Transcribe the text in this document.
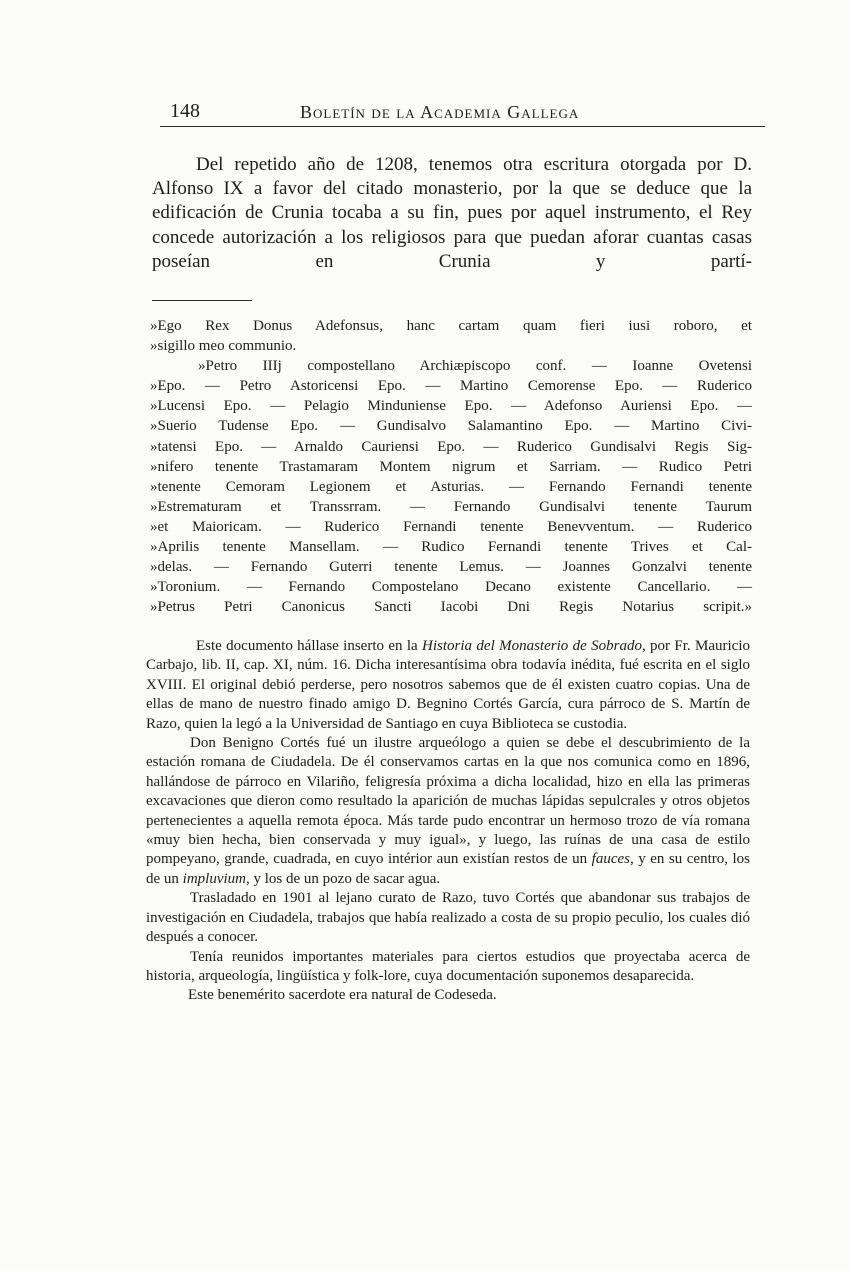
148	Boletín de la Academia Gallega

Del repetido año de 1208, tenemos otra escritura otorgada por D. Alfonso IX a favor del citado monasterio, por la que se deduce que la edificación de Crunia tocaba a su fin, pues por aquel instrumento, el Rey concede autorización a los religiosos para que puedan aforar cuantas casas poseían en Crunia y partí-

»Ego Rex Donus Adefonsus, hanc cartam quam fieri iusi roboro, et
»sigillo meo communio.
»Petro IIIj compostellano Archiæpiscopo conf. — Ioanne Ovetensi
»Epo. — Petro Astoricensi Epo. — Martino Cemorense Epo. — Ruderico
»Lucensi Epo. — Pelagio Minduniense Epo. — Adefonso Auriensi Epo. —
»Suerio Tudense Epo. — Gundisalvo Salamantino Epo. — Martino Civi-
»tatensi Epo. — Arnaldo Cauriensi Epo. — Ruderico Gundisalvi Regis Sig-
»nifero tenente Trastamaram Montem nigrum et Sarriam. — Rudico Petri
»tenente Cemoram Legionem et Asturias. — Fernando Fernandi tenente
»Estrematuram et Transsrram. — Fernando Gundisalvi tenente Taurum
»et Maioricam. — Ruderico Fernandi tenente Benevventum. — Ruderico
»Aprilis tenente Mansellam. — Rudico Fernandi tenente Trives et Cal-
»delas. — Fernando Guterri tenente Lemus. — Joannes Gonzalvi tenente
»Toronium. — Fernando Compostelano Decano existente Cancellario. —
»Petrus Petri Canonicus Sancti Iacobi Dni Regis Notarius scripit.»

Este documento hállase inserto en la Historia del Monasterio de Sobrado, por Fr. Mauricio Carbajo, lib. II, cap. XI, núm. 16. Dicha interesantísima obra todavía inédita, fué escrita en el siglo XVIII. El original debió perderse, pero nosotros sabemos que de él existen cuatro copias. Una de ellas de mano de nuestro finado amigo D. Begnino Cortés García, cura párroco de S. Martín de Razo, quien la legó a la Universidad de Santiago en cuya Biblioteca se custodia.

Don Benigno Cortés fué un ilustre arqueólogo a quien se debe el descubrimiento de la estación romana de Ciudadela. De él conservamos cartas en la que nos comunica como en 1896, hallándose de párroco en Vilariño, feligresía próxima a dicha localidad, hizo en ella las primeras excavaciones que dieron como resultado la aparición de muchas lápidas sepulcrales y otros objetos pertenecientes a aquella remota época. Más tarde pudo encontrar un hermoso trozo de vía romana «muy bien hecha, bien conservada y muy igual», y luego, las ruínas de una casa de estilo pompeyano, grande, cuadrada, en cuyo intérior aun existían restos de un fauces, y en su centro, los de un impluvium, y los de un pozo de sacar agua.

Trasladado en 1901 al lejano curato de Razo, tuvo Cortés que abandonar sus trabajos de investigación en Ciudadela, trabajos que había realizado a costa de su propio peculio, los cuales dió después a conocer.

Tenía reunidos importantes materiales para ciertos estudios que proyectaba acerca de historia, arqueología, lingüística y folk-lore, cuya documentación suponemos desaparecida.

Este benemérito sacerdote era natural de Codeseda.
